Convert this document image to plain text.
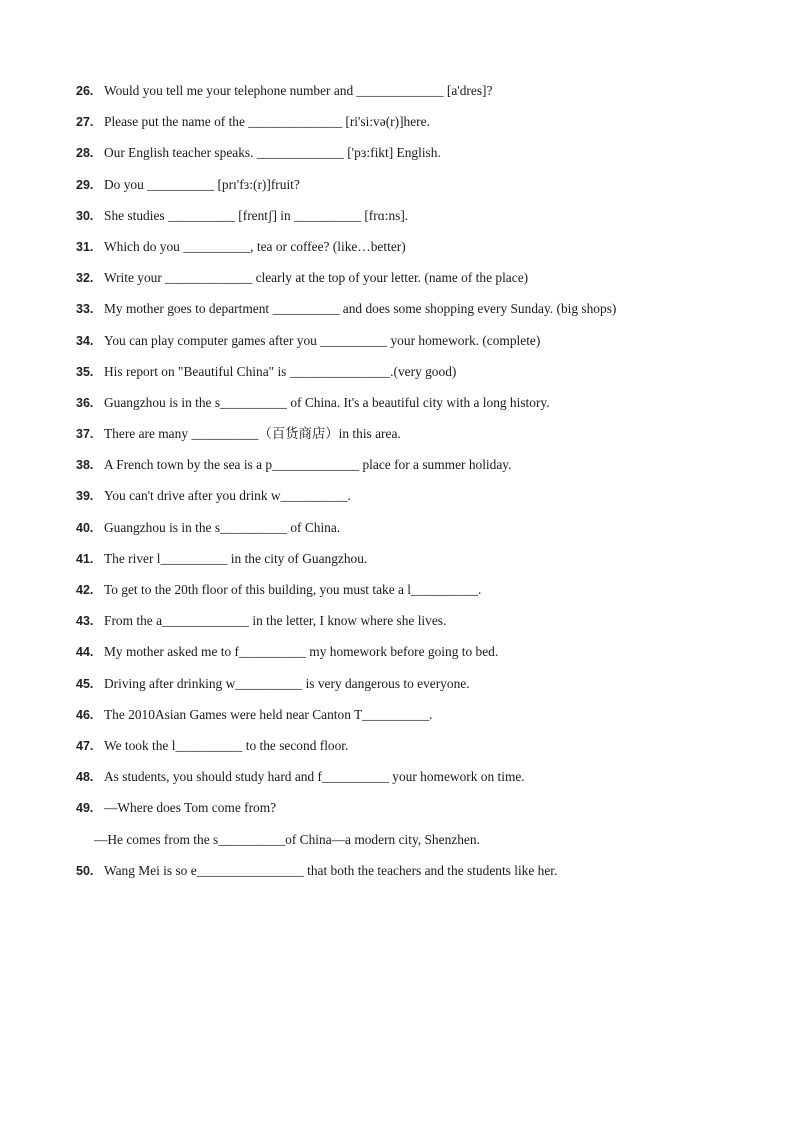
26. Would you tell me your telephone number and _____________ [a'dres]?
27. Please put the name of the ______________ [ri'si:və(r)]here.
28. Our English teacher speaks. _____________ ['pɜ:fikt] English.
29. Do you __________ [prɪ'fɜ:(r)]fruit?
30. She studies __________ [frentʃ] in __________ [frɑ:ns].
31. Which do you __________, tea or coffee? (like…better)
32. Write your _____________ clearly at the top of your letter. (name of the place)
33. My mother goes to department __________ and does some shopping every Sunday. (big shops)
34. You can play computer games after you __________ your homework. (complete)
35. His report on "Beautiful China" is _______________.(very good)
36. Guangzhou is in the s__________ of China. It's a beautiful city with a long history.
37. There are many __________（百货商店）in this area.
38. A French town by the sea is a p_____________ place for a summer holiday.
39. You can't drive after you drink w__________.
40. Guangzhou is in the s__________ of China.
41. The river l__________ in the city of Guangzhou.
42. To get to the 20th floor of this building, you must take a l__________.
43. From the a_____________ in the letter, I know where she lives.
44. My mother asked me to f__________ my homework before going to bed.
45. Driving after drinking w__________ is very dangerous to everyone.
46. The 2010Asian Games were held near Canton T__________.
47. We took the l__________ to the second floor.
48. As students, you should study hard and f__________ your homework on time.
49. —Where does Tom come from?
—He comes from the s__________of China—a modern city, Shenzhen.
50. Wang Mei is so e________________ that both the teachers and the students like her.
